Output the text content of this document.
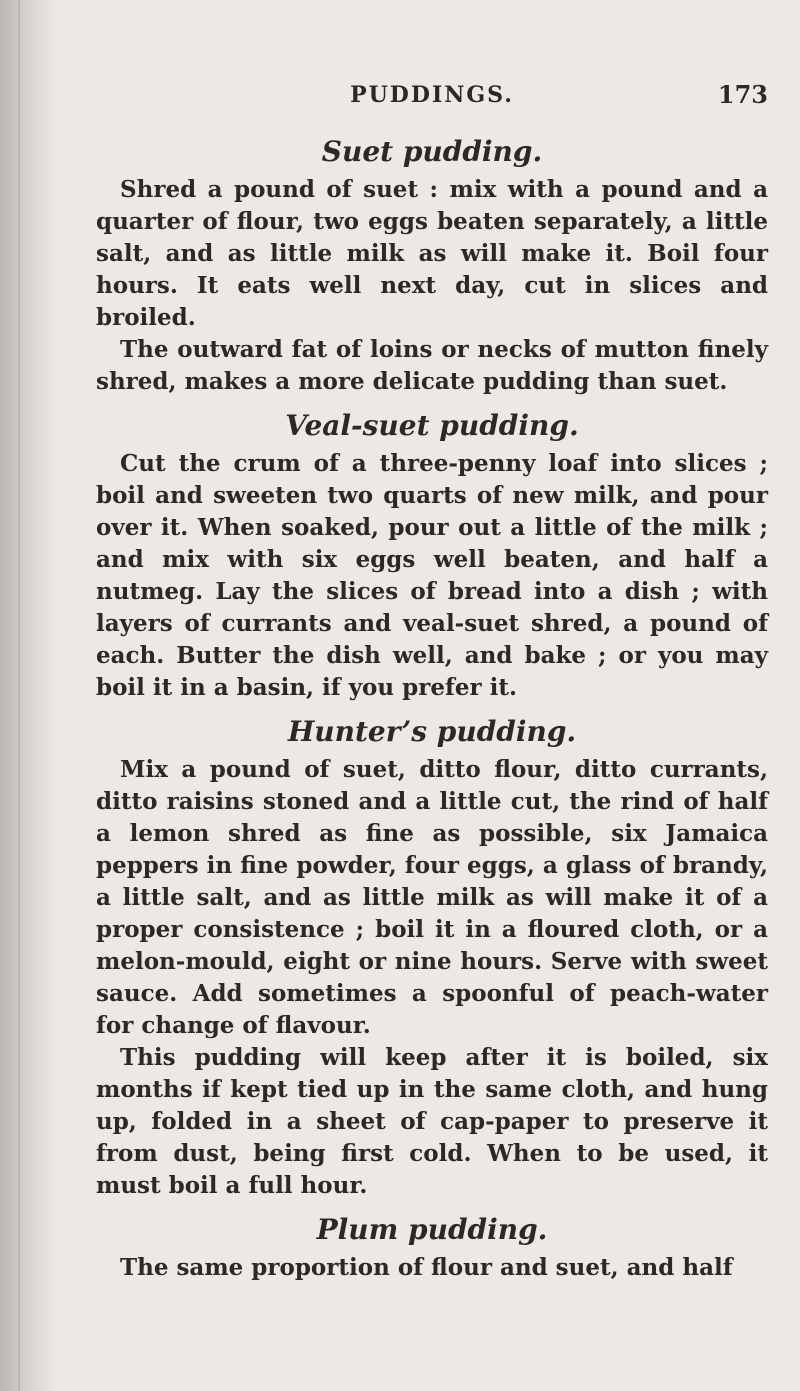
PUDDINGS.	173
Suet pudding.

Shred a pound of suet : mix with a pound and a quarter of flour, two eggs beaten separately, a little salt, and as little milk as will make it. Boil four hours. It eats well next day, cut in slices and broiled.

The outward fat of loins or necks of mutton finely shred, makes a more delicate pudding than suet.

Veal-suet pudding.

Cut the crum of a three-penny loaf into slices ; boil and sweeten two quarts of new milk, and pour over it. When soaked, pour out a little of the milk ; and mix with six eggs well beaten, and half a nutmeg. Lay the slices of bread into a dish ; with layers of currants and veal-suet shred, a pound of each. Butter the dish well, and bake ; or you may boil it in a basin, if you prefer it.

Hunter’s pudding.

Mix a pound of suet, ditto flour, ditto currants, ditto raisins stoned and a little cut, the rind of half a lemon shred as fine as possible, six Jamaica peppers in fine powder, four eggs, a glass of brandy, a little salt, and as little milk as will make it of a proper consistence ; boil it in a floured cloth, or a melon-mould, eight or nine hours. Serve with sweet sauce. Add sometimes a spoonful of peach-water for change of flavour.

This pudding will keep after it is boiled, six months if kept tied up in the same cloth, and hung up, folded in a sheet of cap-paper to preserve it from dust, being first cold. When to be used, it must boil a full hour.

Plum pudding.

The same proportion of flour and suet, and half
